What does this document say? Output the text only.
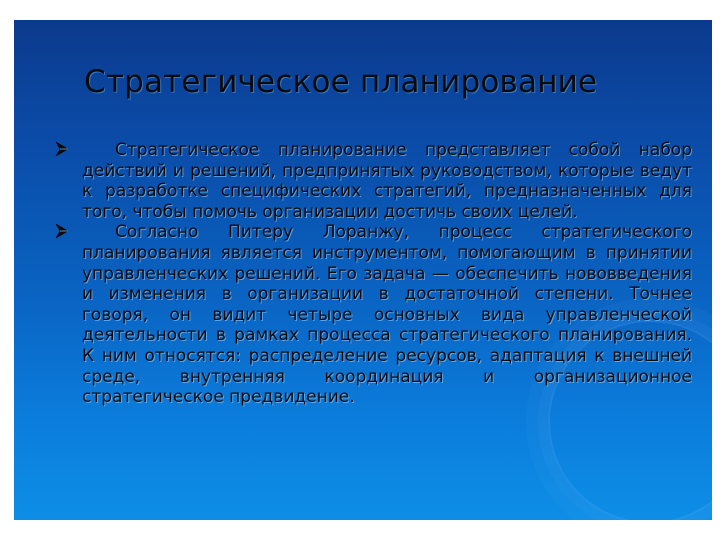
Стратегическое планирование
Стратегическое планирование представляет собой набор действий и решений, предпринятых руководством, которые ведут к разработке специфических стратегий, предназначенных для того, чтобы помочь организации достичь своих целей.
Согласно Питеру Лоранжу, процесс стратегического планирования является инструментом, помогающим в принятии управленческих решений. Его задача — обеспечить нововведения и изменения в организации в достаточной степени. Точнее говоря, он видит четыре основных вида управленческой деятельности в рамках процесса стратегического планирования. К ним относятся: распределение ресурсов, адаптация к внешней среде, внутренняя координация и организационное стратегическое предвидение.
